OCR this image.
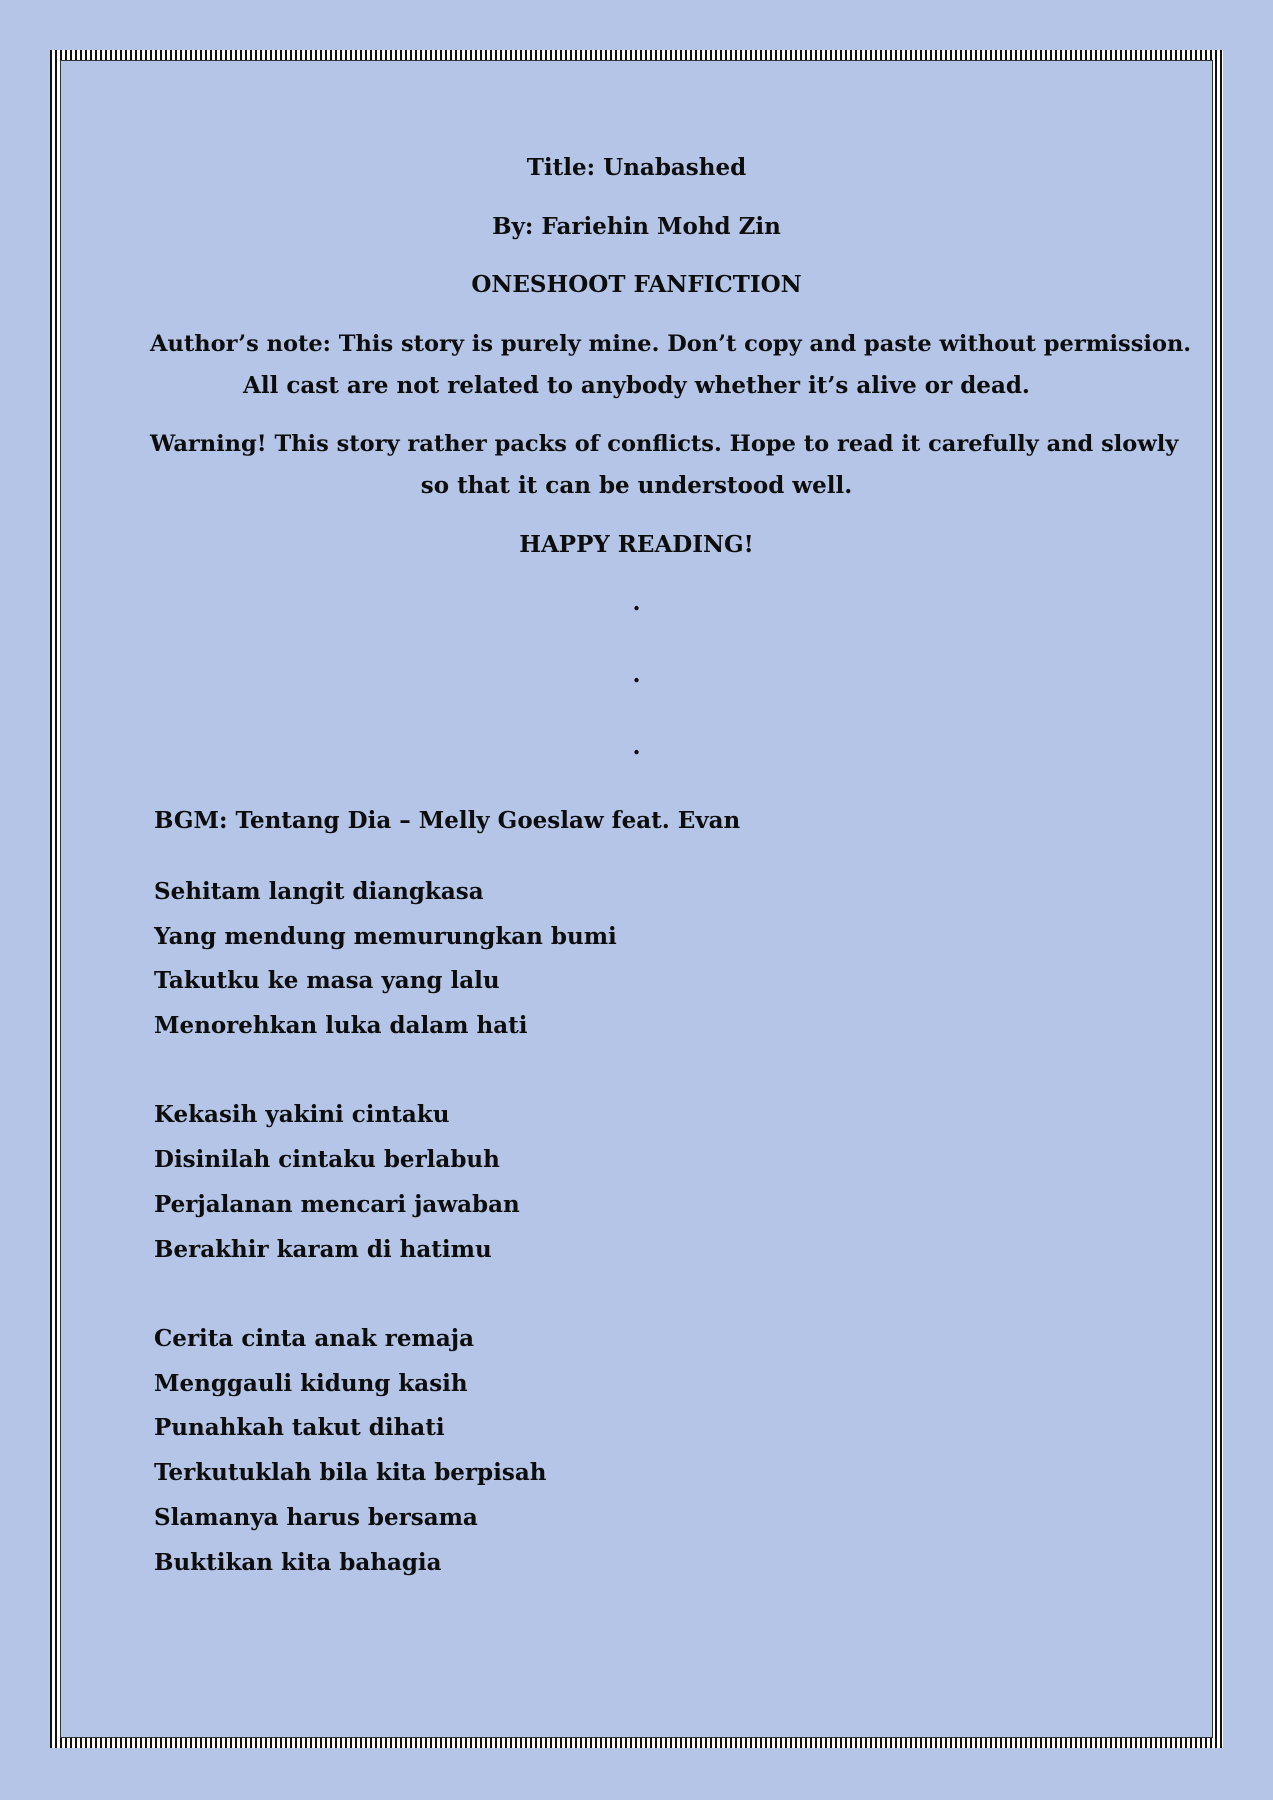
Title: Unabashed
By: Fariehin Mohd Zin
ONESHOOT FANFICTION
Author’s note: This story is purely mine. Don’t copy and paste without permission.
All cast are not related to anybody whether it’s alive or dead.
Warning! This story rather packs of conflicts. Hope to read it carefully and slowly
so that it can be understood well.
HAPPY READING!
.
.
.
BGM: Tentang Dia – Melly Goeslaw feat. Evan
Sehitam langit diangkasa
Yang mendung memurungkan bumi
Takutku ke masa yang lalu
Menorehkan luka dalam hati
Kekasih yakini cintaku
Disinilah cintaku berlabuh
Perjalanan mencari jawaban
Berakhir karam di hatimu
Cerita cinta anak remaja
Menggauli kidung kasih
Punahkah takut dihati
Terkutuklah bila kita berpisah
Slamanya harus bersama
Buktikan kita bahagia
